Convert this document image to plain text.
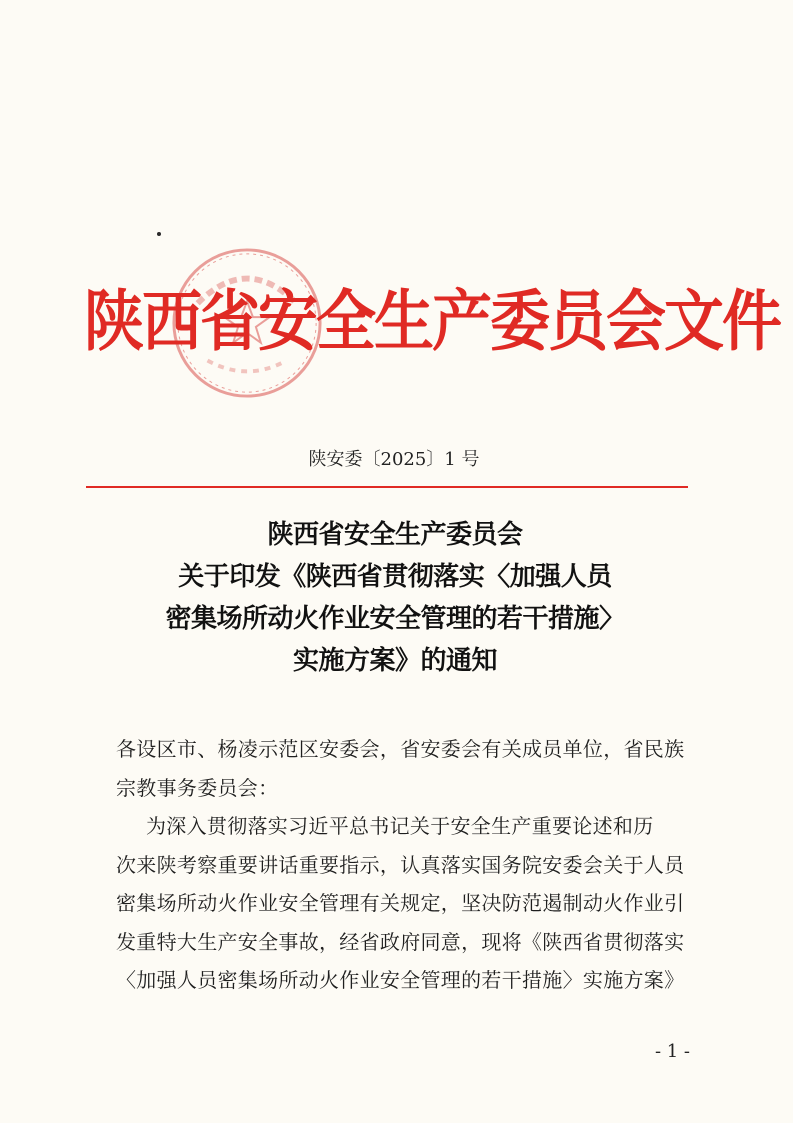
陕西省安全生产委员会文件
陕安委〔2025〕1 号
陕西省安全生产委员会
关于印发《陕西省贯彻落实〈加强人员
密集场所动火作业安全管理的若干措施〉
实施方案》的通知
各设区市、杨凌示范区安委会，省安委会有关成员单位，省民族
宗教事务委员会：
为深入贯彻落实习近平总书记关于安全生产重要论述和历
次来陕考察重要讲话重要指示，认真落实国务院安委会关于人员
密集场所动火作业安全管理有关规定，坚决防范遏制动火作业引
发重特大生产安全事故，经省政府同意，现将《陕西省贯彻落实
〈加强人员密集场所动火作业安全管理的若干措施〉实施方案》
- 1 -
